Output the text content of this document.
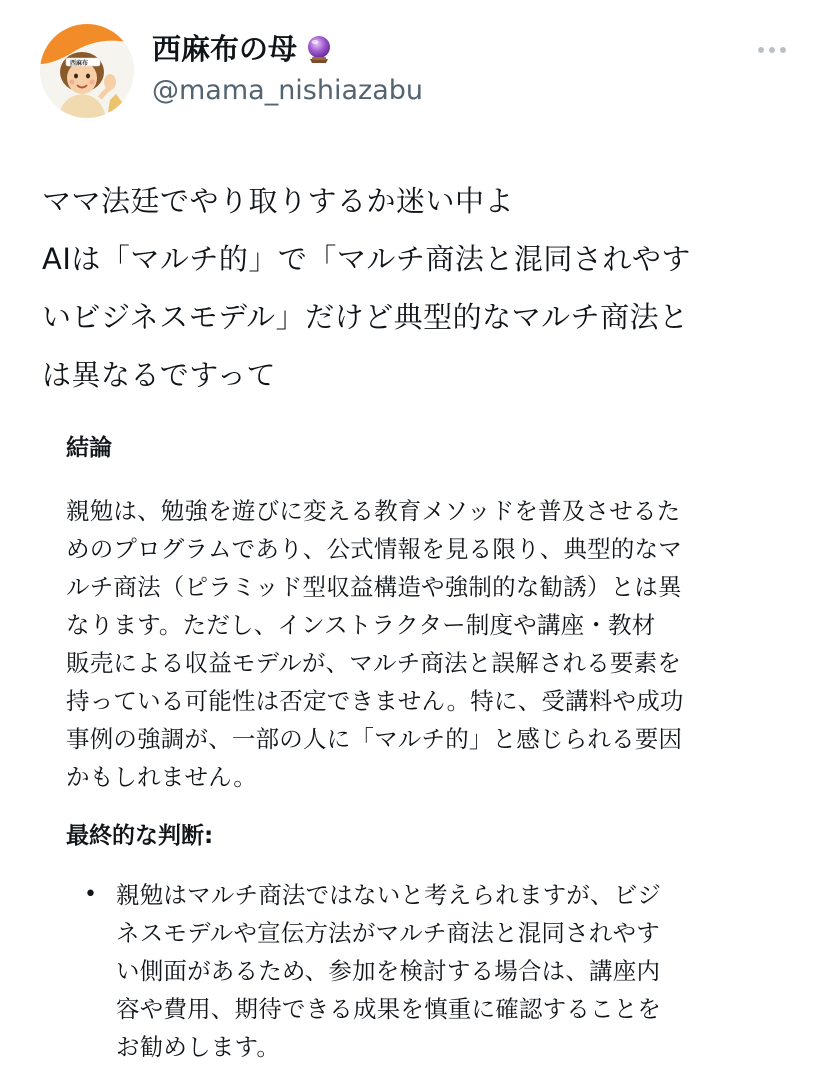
西麻布 西麻布の母
@mama_nishiazabu

ママ法廷でやり取りするか迷い中よ

AIは「マルチ的」で「マルチ商法と混同されやす

いビジネスモデル」だけど典型的なマルチ商法と

は異なるですって

結論

親勉は、勉強を遊びに変える教育メソッドを普及させるた

めのプログラムであり、公式情報を見る限り、典型的なマ

ルチ商法（ピラミッド型収益構造や強制的な勧誘）とは異

なります。ただし、インストラクター制度や講座・教材

販売による収益モデルが、マルチ商法と誤解される要素を

持っている可能性は否定できません。特に、受講料や成功

事例の強調が、一部の人に「マルチ的」と感じられる要因

かもしれません。

最終的な判断:
• 親勉はマルチ商法ではないと考えられますが、ビジ

ネスモデルや宣伝方法がマルチ商法と混同されやす

い側面があるため、参加を検討する場合は、講座内

容や費用、期待できる成果を慎重に確認することを

お勧めします。
